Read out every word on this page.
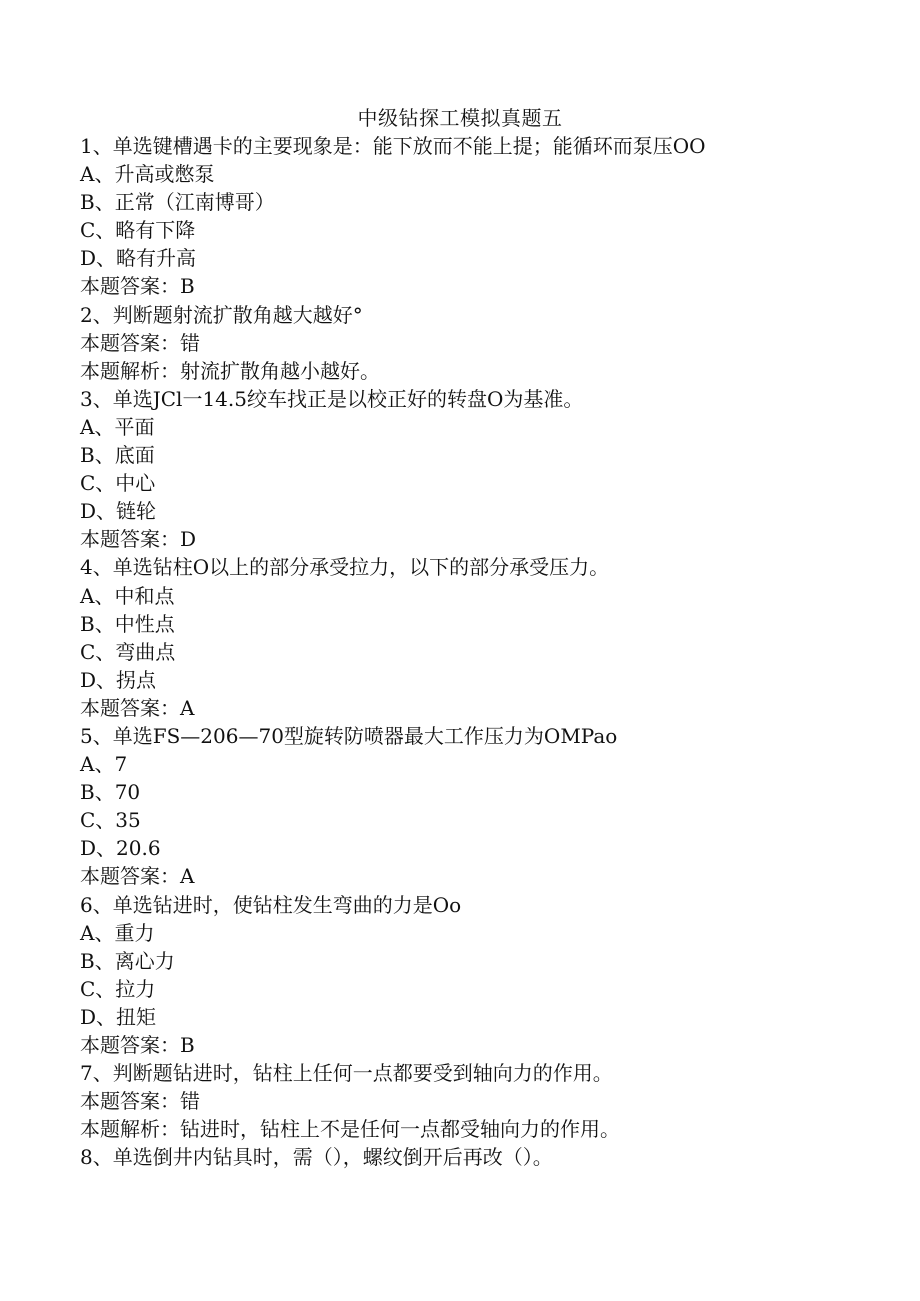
中级钻探工模拟真题五
1、单选键槽遇卡的主要现象是：能下放而不能上提；能循环而泵压OO
A、升高或憋泵
B、正常（江南博哥）
C、略有下降
D、略有升高
本题答案：B
2、判断题射流扩散角越大越好°
本题答案：错
本题解析：射流扩散角越小越好。
3、单选JCl一14.5绞车找正是以校正好的转盘O为基准。
A、平面
B、底面
C、中心
D、链轮
本题答案：D
4、单选钻柱O以上的部分承受拉力，以下的部分承受压力。
A、中和点
B、中性点
C、弯曲点
D、拐点
本题答案：A
5、单选FS—206—70型旋转防喷器最大工作压力为OMPaο
A、7
B、70
C、35
D、20.6
本题答案：A
6、单选钻进时，使钻柱发生弯曲的力是Oo
A、重力
B、离心力
C、拉力
D、扭矩
本题答案：B
7、判断题钻进时，钻柱上任何一点都要受到轴向力的作用。
本题答案：错
本题解析：钻进时，钻柱上不是任何一点都受轴向力的作用。
8、单选倒井内钻具时，需（），螺纹倒开后再改（）。
